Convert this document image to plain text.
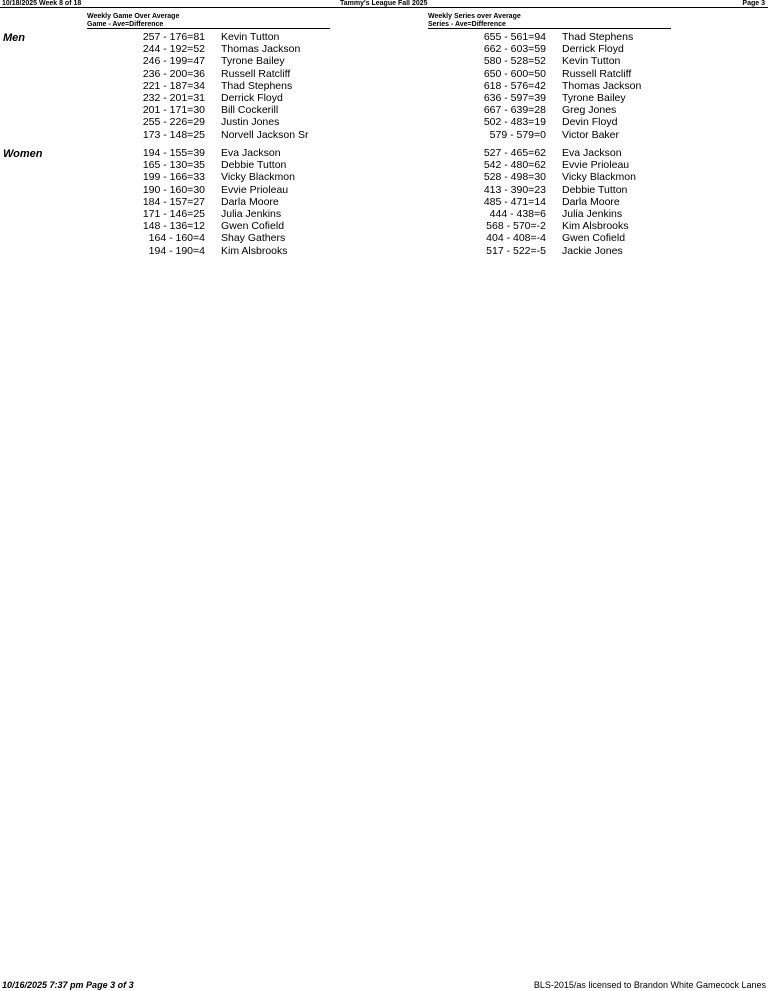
10/18/2025 Week 8 of 18	Tammy's League Fall 2025	Page 3
Weekly Game Over Average
Game - Ave=Difference
Weekly Series over Average
Series - Ave=Difference
Men
Women
257 - 176=81 Kevin Tutton
244 - 192=52 Thomas Jackson
246 - 199=47 Tyrone Bailey
236 - 200=36 Russell Ratcliff
221 - 187=34 Thad Stephens
232 - 201=31 Derrick Floyd
201 - 171=30 Bill Cockerill
255 - 226=29 Justin Jones
173 - 148=25 Norvell Jackson Sr
655 - 561=94 Thad Stephens
662 - 603=59 Derrick Floyd
580 - 528=52 Kevin Tutton
650 - 600=50 Russell Ratcliff
618 - 576=42 Thomas Jackson
636 - 597=39 Tyrone Bailey
667 - 639=28 Greg Jones
502 - 483=19 Devin Floyd
579 - 579=0 Victor Baker
194 - 155=39 Eva Jackson
165 - 130=35 Debbie Tutton
199 - 166=33 Vicky Blackmon
190 - 160=30 Evvie Prioleau
184 - 157=27 Darla Moore
171 - 146=25 Julia Jenkins
148 - 136=12 Gwen Cofield
164 - 160=4 Shay Gathers
194 - 190=4 Kim Alsbrooks
527 - 465=62 Eva Jackson
542 - 480=62 Evvie Prioleau
528 - 498=30 Vicky Blackmon
413 - 390=23 Debbie Tutton
485 - 471=14 Darla Moore
444 - 438=6 Julia Jenkins
568 - 570=-2 Kim Alsbrooks
404 - 408=-4 Gwen Cofield
517 - 522=-5 Jackie Jones
10/16/2025 7:37 pm Page 3 of 3	BLS-2015/as licensed to Brandon White Gamecock Lanes
